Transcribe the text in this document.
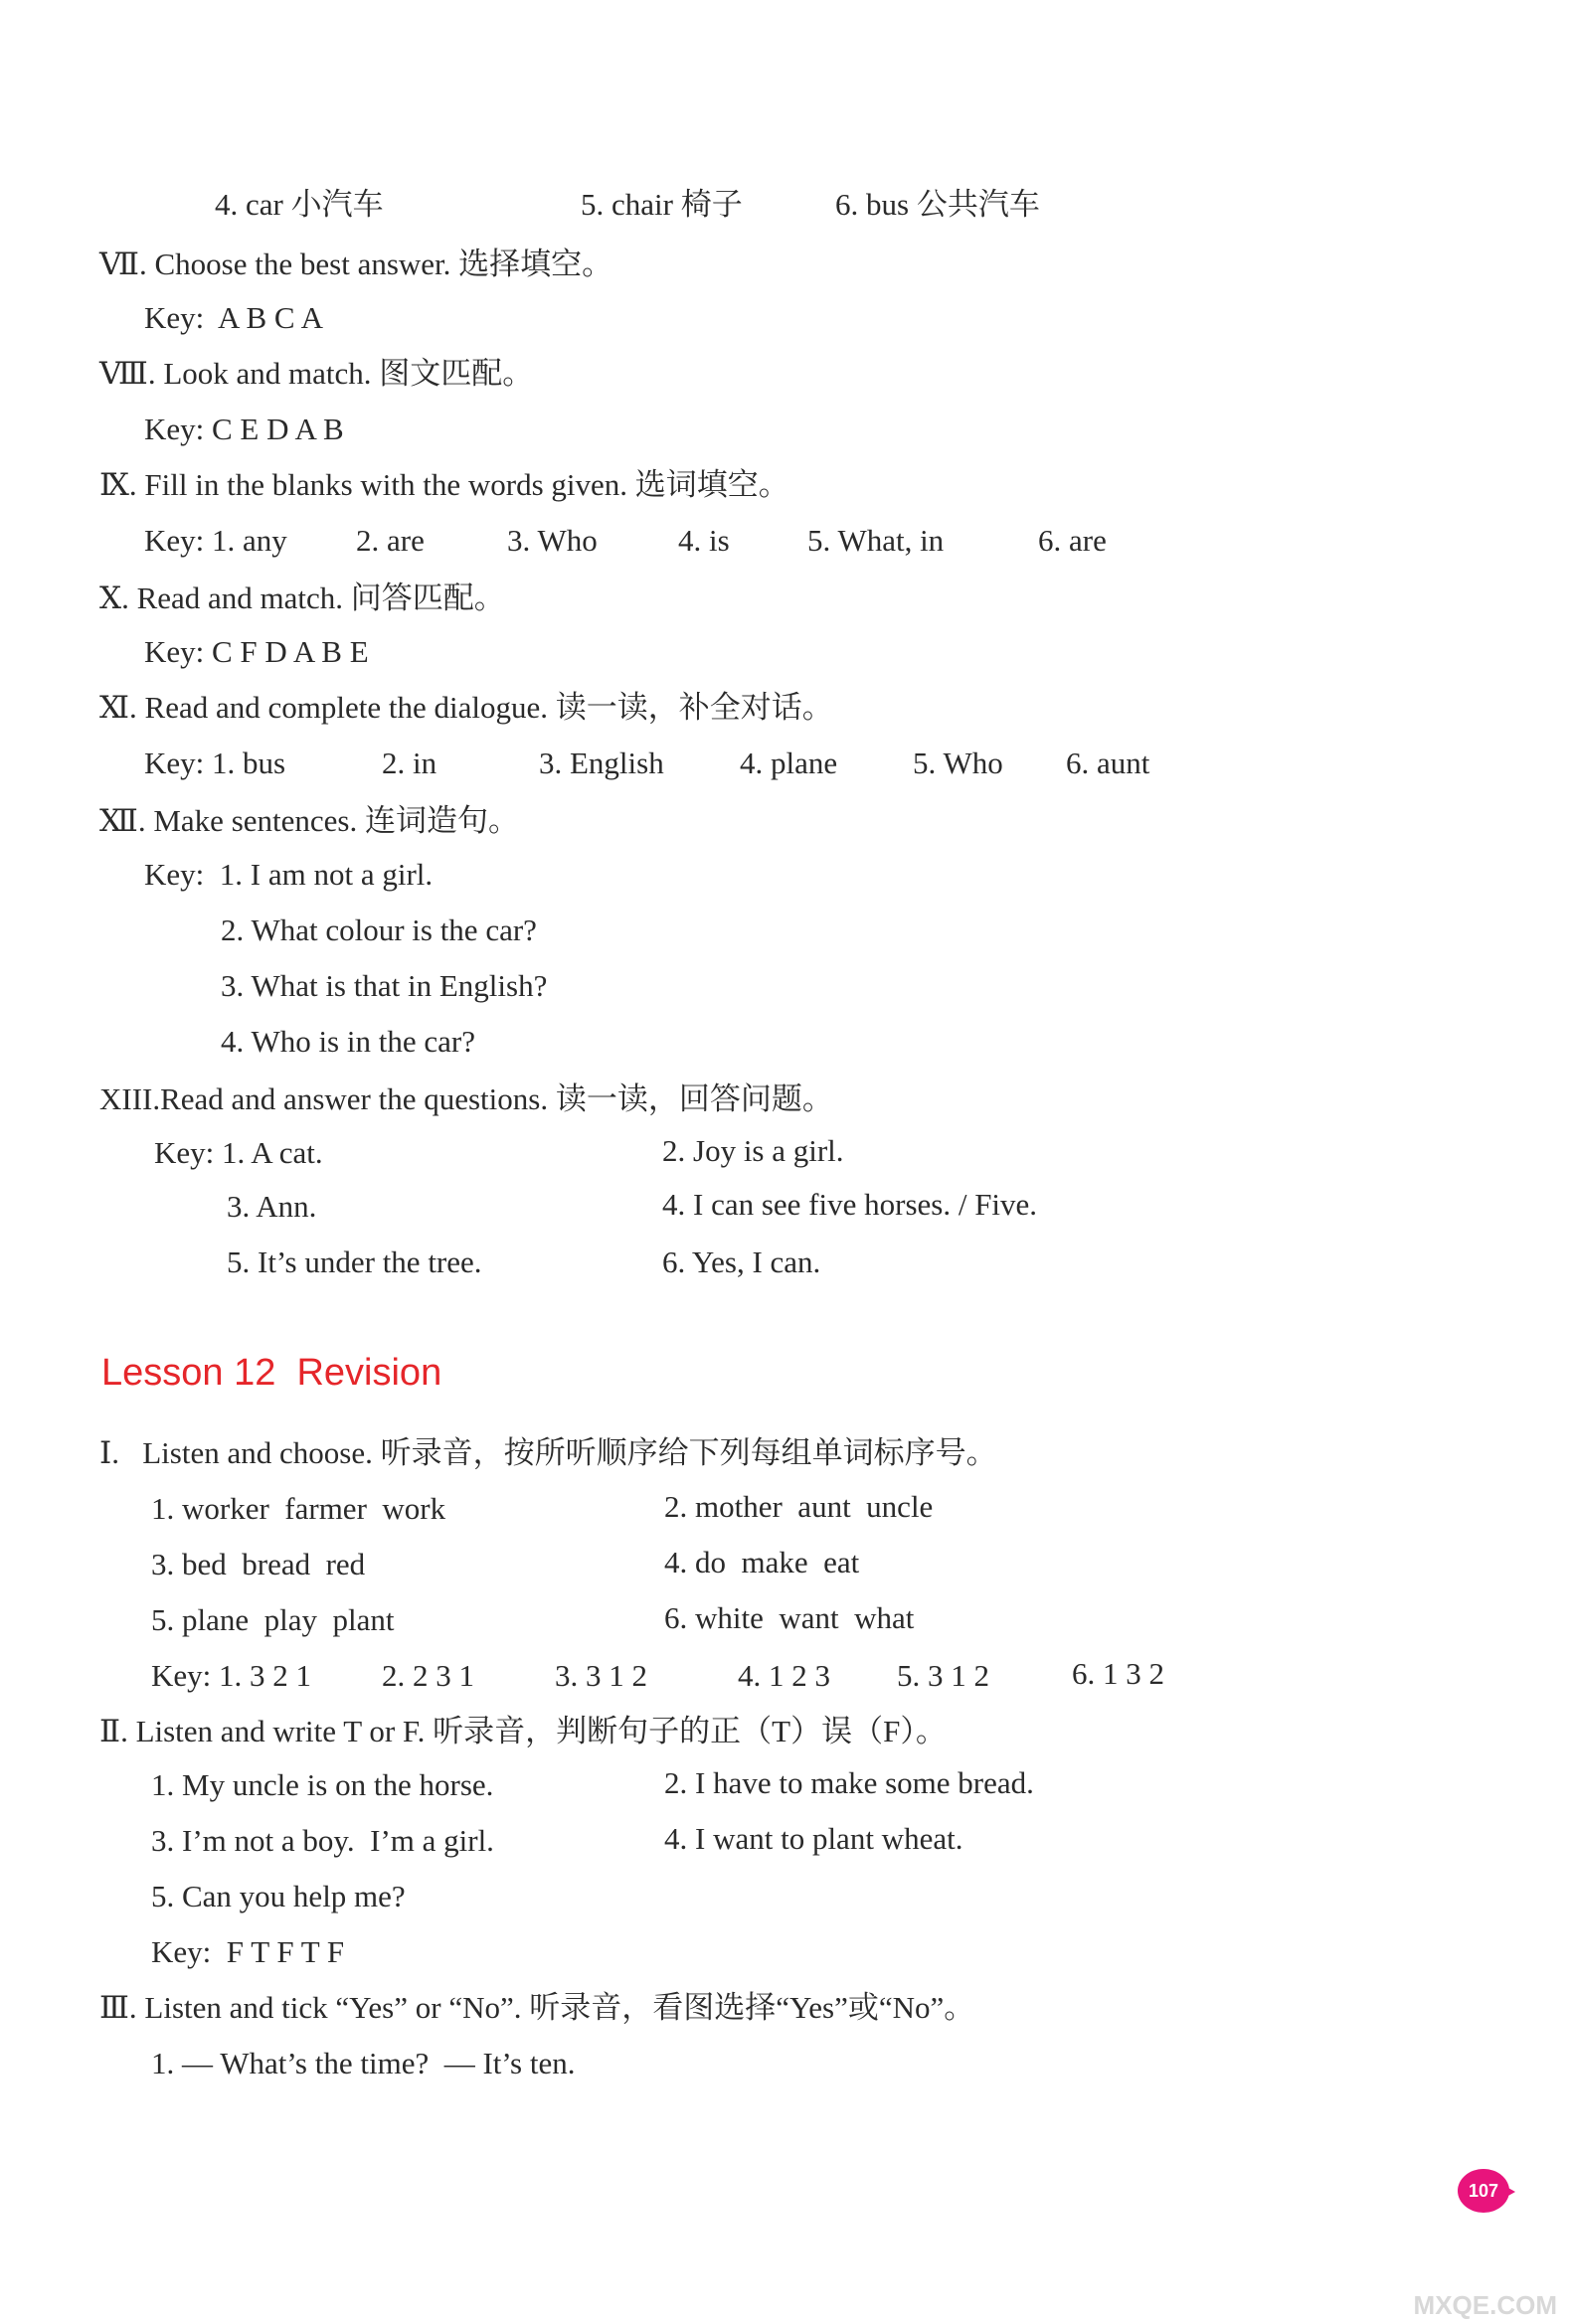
4. car 小汽车	5. chair 椅子	6. bus 公共汽车
Ⅶ. Choose the best answer. 选择填空。
Key:  A B C A
Ⅷ. Look and match. 图文匹配。
Key: C E D A B
Ⅸ. Fill in the blanks with the words given. 选词填空。
Key: 1. any 2. are	3. Who	4. is	5. What, in	6. are
Ⅹ. Read and match. 问答匹配。
Key: C F D A B E
Ⅺ. Read and complete the dialogue. 读一读，补全对话。
Key: 1. bus	2. in	3. English 4. plane 5. Who 6. aunt
Ⅻ. Make sentences. 连词造句。
Key:  1. I am not a girl.
2. What colour is the car?
3. What is that in English?
4. Who is in the car?
XIII.Read and answer the questions. 读一读，回答问题。
Key: 1. A cat.	2. Joy is a girl.
3. Ann.	4. I can see five horses. / Five.
5. It’s under the tree.	6. Yes, I can.
Lesson 12  Revision
Ⅰ.   Listen and choose. 听录音，按所听顺序给下列每组单词标序号。
1. worker  farmer  work	2. mother  aunt  uncle
3. bed  bread  red	4. do  make  eat
5. plane  play  plant	6. white  want  what
Key: 1. 3 2 1 2. 2 3 1	3. 3 1 2	4. 1 2 3 5. 3 1 2	6. 1 3 2
Ⅱ. Listen and write T or F. 听录音，判断句子的正（T）误（F）。
1. My uncle is on the horse.	2. I have to make some bread.
3. I’m not a boy.  I’m a girl.	4. I want to plant wheat.
5. Can you help me?
Key:  F T F T F
Ⅲ. Listen and tick “Yes” or “No”. 听录音，看图选择“Yes”或“No”。
1. — What’s the time?  — It’s ten.
107
MXQE.COM
